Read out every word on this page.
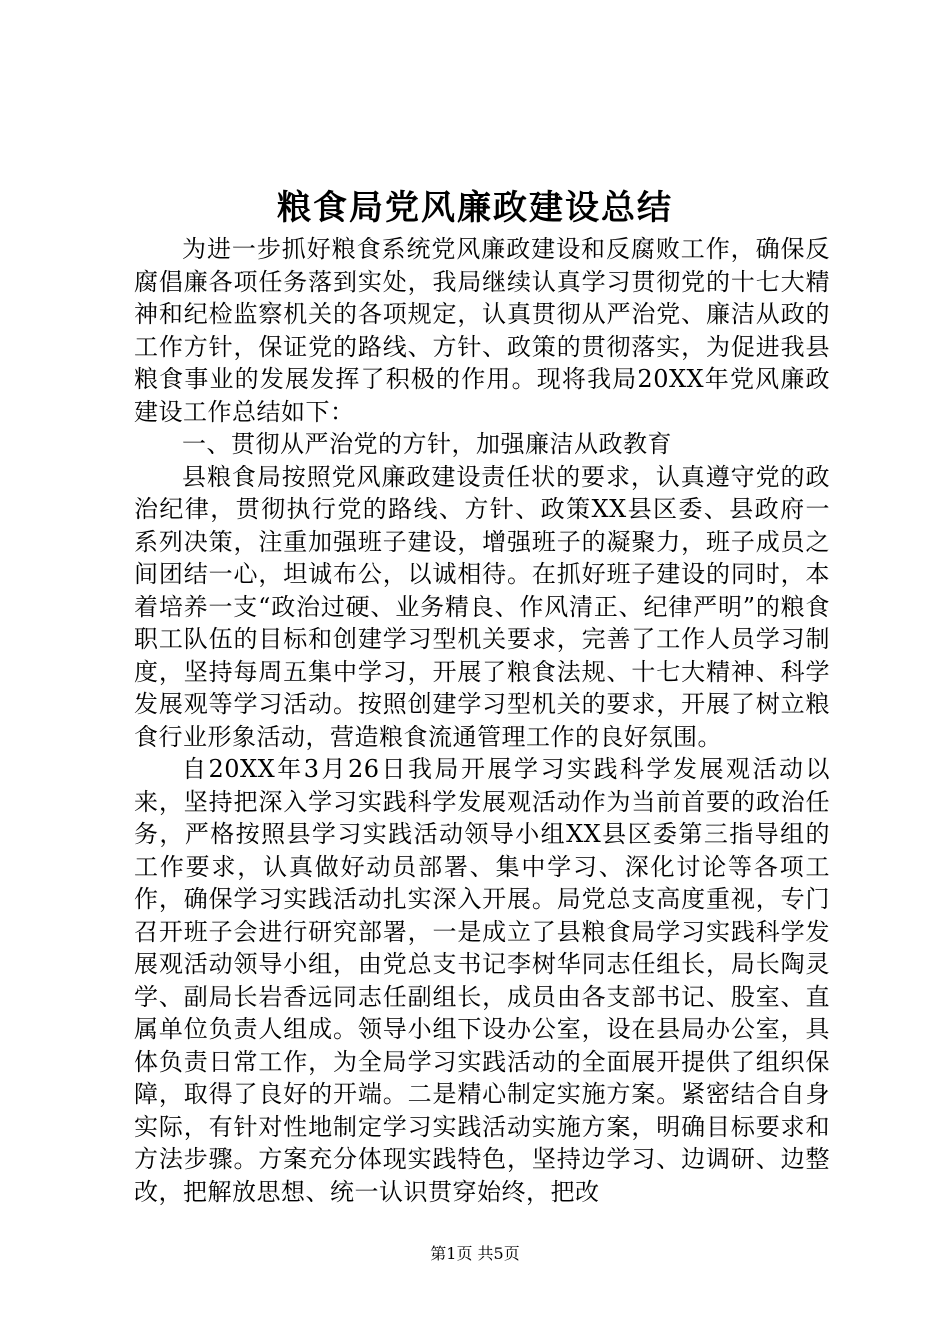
粮食局党风廉政建设总结

为进一步抓好粮食系统党风廉政建设和反腐败工作，确保反腐倡廉各项任务落到实处，我局继续认真学习贯彻党的十七大精神和纪检监察机关的各项规定，认真贯彻从严治党、廉洁从政的工作方针，保证党的路线、方针、政策的贯彻落实，为促进我县粮食事业的发展发挥了积极的作用。现将我局20XX年党风廉政建设工作总结如下：

一、贯彻从严治党的方针，加强廉洁从政教育

县粮食局按照党风廉政建设责任状的要求，认真遵守党的政治纪律，贯彻执行党的路线、方针、政策XX县区委、县政府一系列决策，注重加强班子建设，增强班子的凝聚力，班子成员之间团结一心，坦诚布公，以诚相待。在抓好班子建设的同时，本着培养一支“政治过硬、业务精良、作风清正、纪律严明”的粮食职工队伍的目标和创建学习型机关要求，完善了工作人员学习制度，坚持每周五集中学习，开展了粮食法规、十七大精神、科学发展观等学习活动。按照创建学习型机关的要求，开展了树立粮食行业形象活动，营造粮食流通管理工作的良好氛围。

自20XX年3月26日我局开展学习实践科学发展观活动以来，坚持把深入学习实践科学发展观活动作为当前首要的政治任务，严格按照县学习实践活动领导小组XX县区委第三指导组的工作要求，认真做好动员部署、集中学习、深化讨论等各项工作，确保学习实践活动扎实深入开展。局党总支高度重视，专门召开班子会进行研究部署，一是成立了县粮食局学习实践科学发展观活动领导小组，由党总支书记李树华同志任组长，局长陶灵学、副局长岩香远同志任副组长，成员由各支部书记、股室、直属单位负责人组成。领导小组下设办公室，设在县局办公室，具体负责日常工作，为全局学习实践活动的全面展开提供了组织保障，取得了良好的开端。二是精心制定实施方案。紧密结合自身实际，有针对性地制定学习实践活动实施方案，明确目标要求和方法步骤。方案充分体现实践特色，坚持边学习、边调研、边整改，把解放思想、统一认识贯穿始终，把改

第1页 共5页
